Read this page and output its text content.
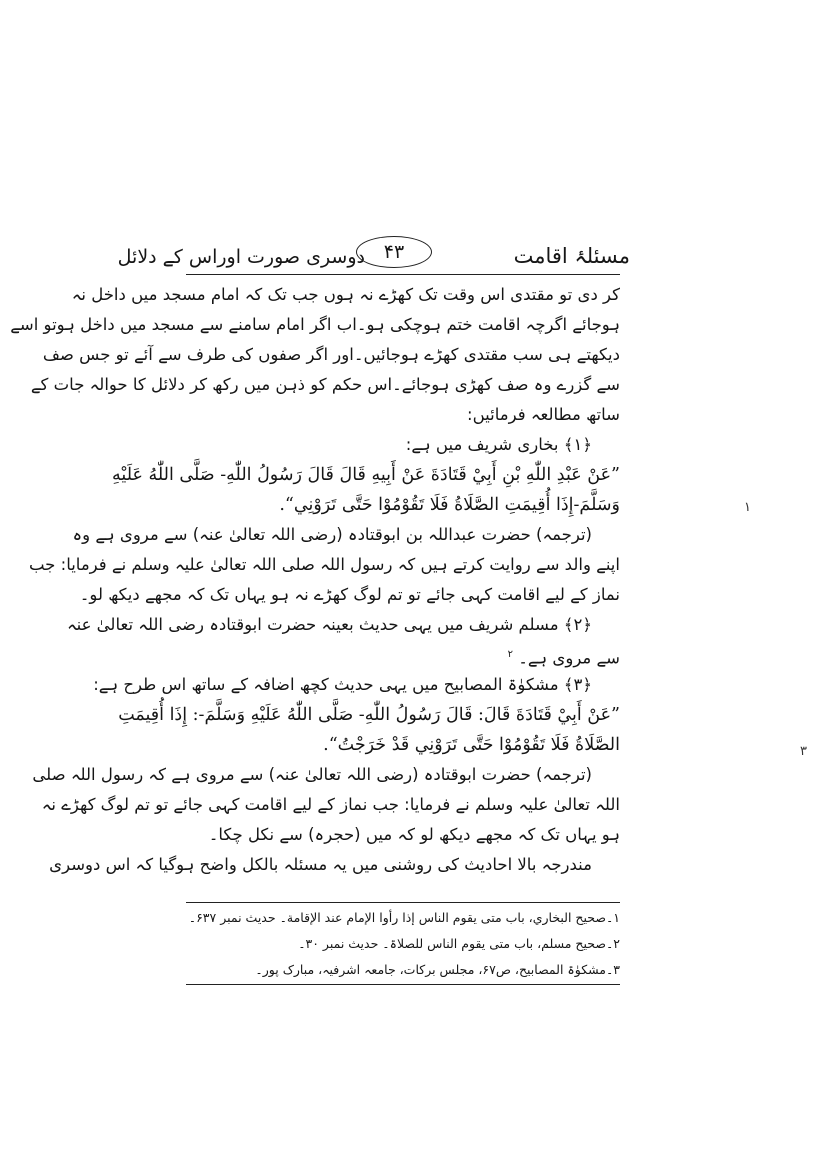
دوسری صورت اوراس کے دلائل ۴۳	مسئلۂ اقامت
کر دی تو مقتدی اس وقت تک کھڑے نہ ہوں جب تک کہ امام مسجد میں داخل نہ
ہوجائے اگرچہ اقامت ختم ہوچکی ہو۔اب اگر امام سامنے سے مسجد میں داخل ہوتو اسے
دیکھتے ہی سب مقتدی کھڑے ہوجائیں۔اور اگر صفوں کی طرف سے آئے تو جس صف
سے گزرے وہ صف کھڑی ہوجائے۔اس حکم کو ذہن میں رکھ کر دلائل کا حوالہ جات کے
ساتھ مطالعہ فرمائیں:
﴿۱﴾ بخاری شریف میں ہے:
”عَنْ عَبْدِ اللّٰهِ بْنِ أَبِيْ قَتَادَةَ عَنْ أَبِيهِ قَالَ قَالَ رَسُولُ اللّٰهِ- صَلَّى اللّٰهُ عَلَيْهِ
وَسَلَّمَ-إِذَا أُقِيمَتِ الصَّلَاةُ فَلَا تَقُوْمُوْا حَتَّى تَرَوْنِي“.
(ترجمہ) حضرت عبداللہ بن ابوقتادہ (رضی اللہ تعالیٰ عنہ) سے مروی ہے وہ
اپنے والد سے روایت کرتے ہیں کہ رسول اللہ صلی اللہ تعالیٰ علیہ وسلم نے فرمایا: جب
نماز کے لیے اقامت کہی جائے تو تم لوگ کھڑے نہ ہو یہاں تک کہ مجھے دیکھ لو۔
﴿۲﴾ مسلم شریف میں یہی حدیث بعینہ حضرت ابوقتادہ رضی اللہ تعالیٰ عنہ
سے مروی ہے۔ $^۲$
﴿۳﴾ مشکوٰۃ المصابیح میں یہی حدیث کچھ اضافہ کے ساتھ اس طرح ہے:
”عَنْ أَبِيْ قَتَادَةَ قَالَ: قَالَ رَسُولُ اللّٰهِ- صَلَّى اللّٰهُ عَلَيْهِ وَسَلَّمَ-: إِذَا أُقِيمَتِ
الصَّلَاةُ فَلَا تَقُوْمُوْا حَتَّى تَرَوْنِي قَدْ خَرَجْتُ“.
(ترجمہ) حضرت ابوقتادہ (رضی اللہ تعالیٰ عنہ) سے مروی ہے کہ رسول اللہ صلی
اللہ تعالیٰ علیہ وسلم نے فرمایا: جب نماز کے لیے اقامت کہی جائے تو تم لوگ کھڑے نہ
ہو یہاں تک کہ مجھے دیکھ لو کہ میں (حجرہ) سے نکل چکا۔
مندرجہ بالا احادیث کی روشنی میں یہ مسئلہ بالکل واضح ہوگیا کہ اس دوسری
۱
۳
۱۔صحیح البخاري، باب متی یقوم الناس إذا رأوا الإمام عند الإقامة۔ حدیث نمبر ۶۳۷۔
۲۔صحیح مسلم، باب متی یقوم الناس للصلاۃ۔ حدیث نمبر ۳۰۔
۳۔مشکوٰۃ المصابیح، ص۶۷، مجلس برکات، جامعہ اشرفیہ، مبارک پور۔
